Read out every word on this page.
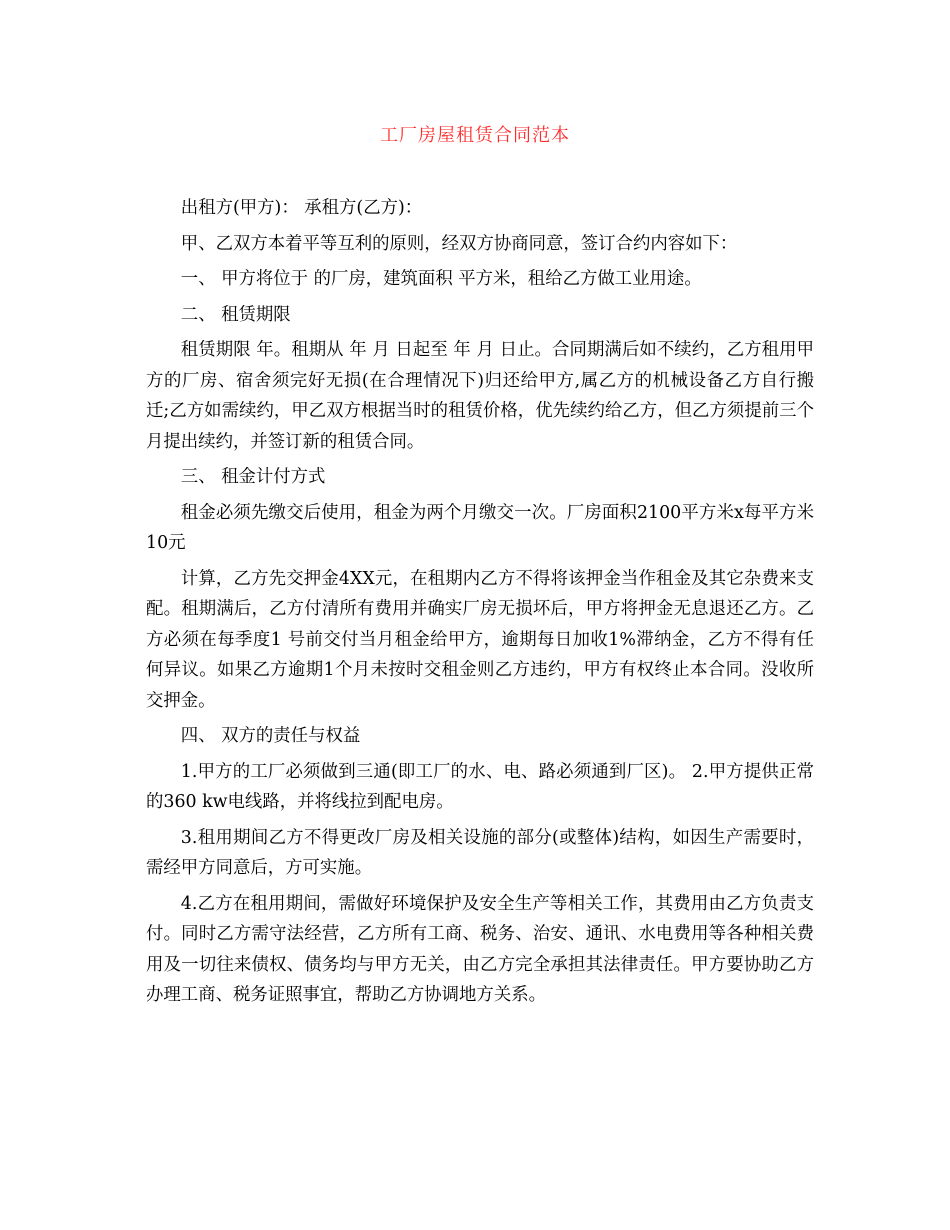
工厂房屋租赁合同范本

出租方(甲方)： 承租方(乙方)：

甲、乙双方本着平等互利的原则，经双方协商同意，签订合约内容如下：

一、 甲方将位于 的厂房，建筑面积 平方米，租给乙方做工业用途。

二、 租赁期限

租赁期限 年。租期从 年 月 日起至 年 月 日止。合同期满后如不续约，乙方租用甲方的厂房、宿舍须完好无损(在合理情况下)归还给甲方,属乙方的机械设备乙方自行搬迁;乙方如需续约，甲乙双方根据当时的租赁价格，优先续约给乙方，但乙方须提前三个月提出续约，并签订新的租赁合同。

三、 租金计付方式

租金必须先缴交后使用，租金为两个月缴交一次。厂房面积2100平方米x每平方米10元

计算，乙方先交押金4XX元，在租期内乙方不得将该押金当作租金及其它杂费来支配。租期满后，乙方付清所有费用并确实厂房无损坏后，甲方将押金无息退还乙方。乙方必须在每季度1 号前交付当月租金给甲方，逾期每日加收1%滞纳金，乙方不得有任何异议。如果乙方逾期1个月未按时交租金则乙方违约，甲方有权终止本合同。没收所交押金。

四、 双方的责任与权益

1.甲方的工厂必须做到三通(即工厂的水、电、路必须通到厂区)。 2.甲方提供正常的360 kw电线路，并将线拉到配电房。

3.租用期间乙方不得更改厂房及相关设施的部分(或整体)结构，如因生产需要时，需经甲方同意后，方可实施。

4.乙方在租用期间，需做好环境保护及安全生产等相关工作，其费用由乙方负责支付。同时乙方需守法经营，乙方所有工商、税务、治安、通讯、水电费用等各种相关费用及一切往来债权、债务均与甲方无关，由乙方完全承担其法律责任。甲方要协助乙方办理工商、税务证照事宜，帮助乙方协调地方关系。
